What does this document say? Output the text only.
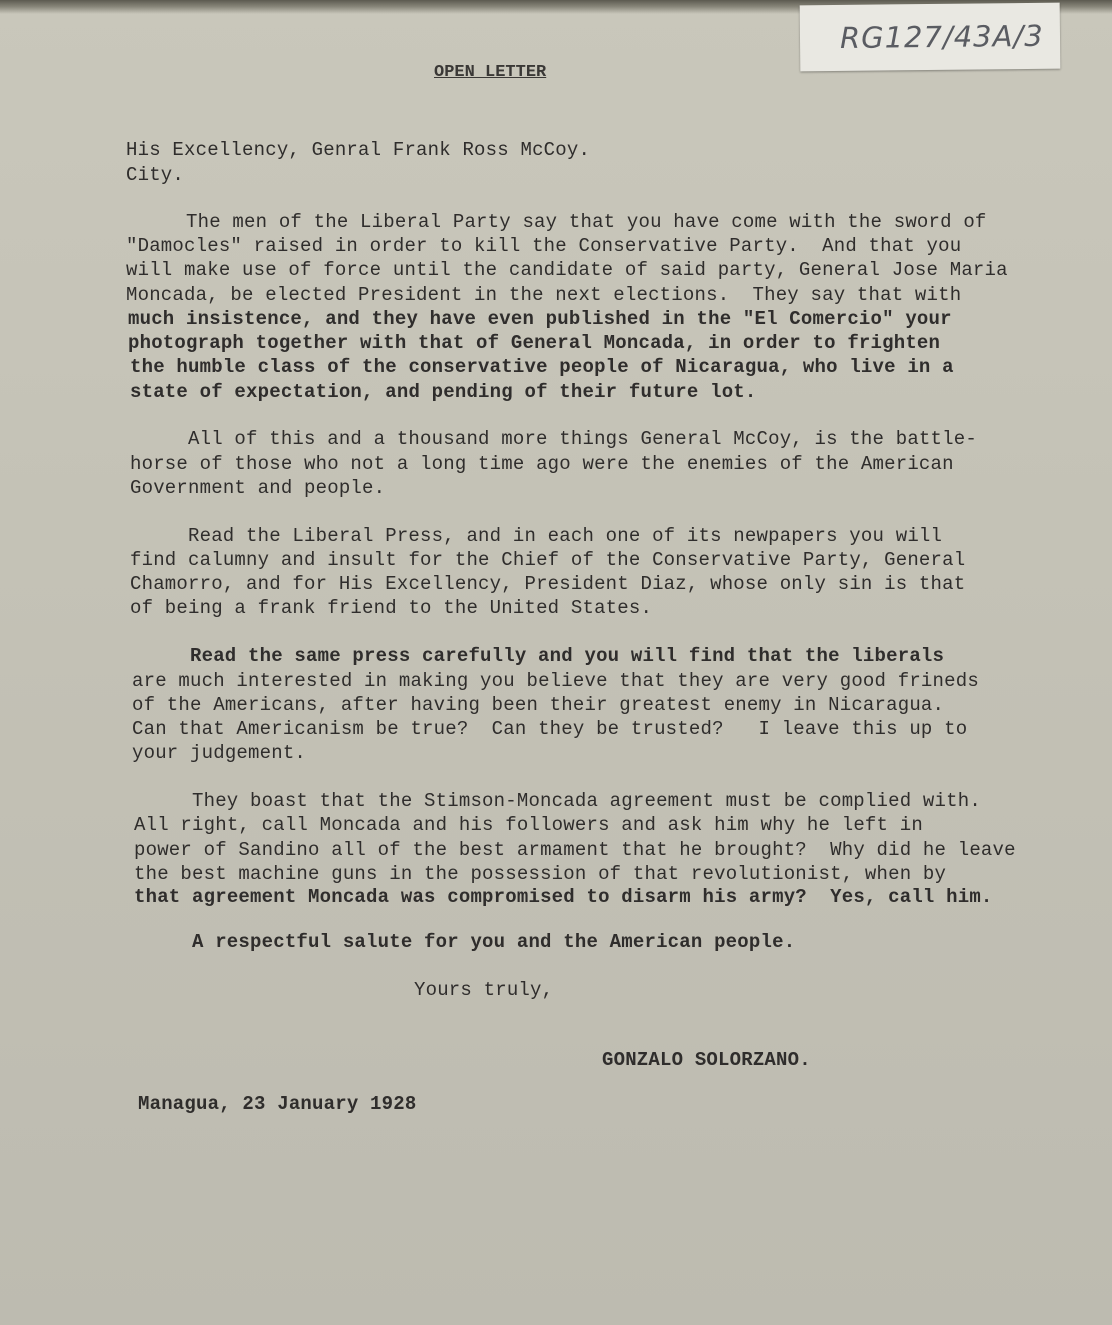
RG127/43A/3
OPEN LETTER
His Excellency, Genral Frank Ross McCoy.
City.
The men of the Liberal Party say that you have come with the sword of
"Damocles" raised in order to kill the Conservative Party.  And that you
will make use of force until the candidate of said party, General Jose Maria
Moncada, be elected President in the next elections.  They say that with
much insistence, and they have even published in the "El Comercio" your
photograph together with that of General Moncada, in order to frighten
the humble class of the conservative people of Nicaragua, who live in a
state of expectation, and pending of their future lot.
All of this and a thousand more things General McCoy, is the battle-
horse of those who not a long time ago were the enemies of the American
Government and people.
Read the Liberal Press, and in each one of its newpapers you will
find calumny and insult for the Chief of the Conservative Party, General
Chamorro, and for His Excellency, President Diaz, whose only sin is that
of being a frank friend to the United States.
Read the same press carefully and you will find that the liberals
are much interested in making you believe that they are very good frineds
of the Americans, after having been their greatest enemy in Nicaragua.
Can that Americanism be true?  Can they be trusted?   I leave this up to
your judgement.
They boast that the Stimson-Moncada agreement must be complied with.
All right, call Moncada and his followers and ask him why he left in
power of Sandino all of the best armament that he brought?  Why did he leave
the best machine guns in the possession of that revolutionist, when by
that agreement Moncada was compromised to disarm his army?  Yes, call him.
A respectful salute for you and the American people.
Yours truly,
GONZALO SOLORZANO.
Managua, 23 January 1928
